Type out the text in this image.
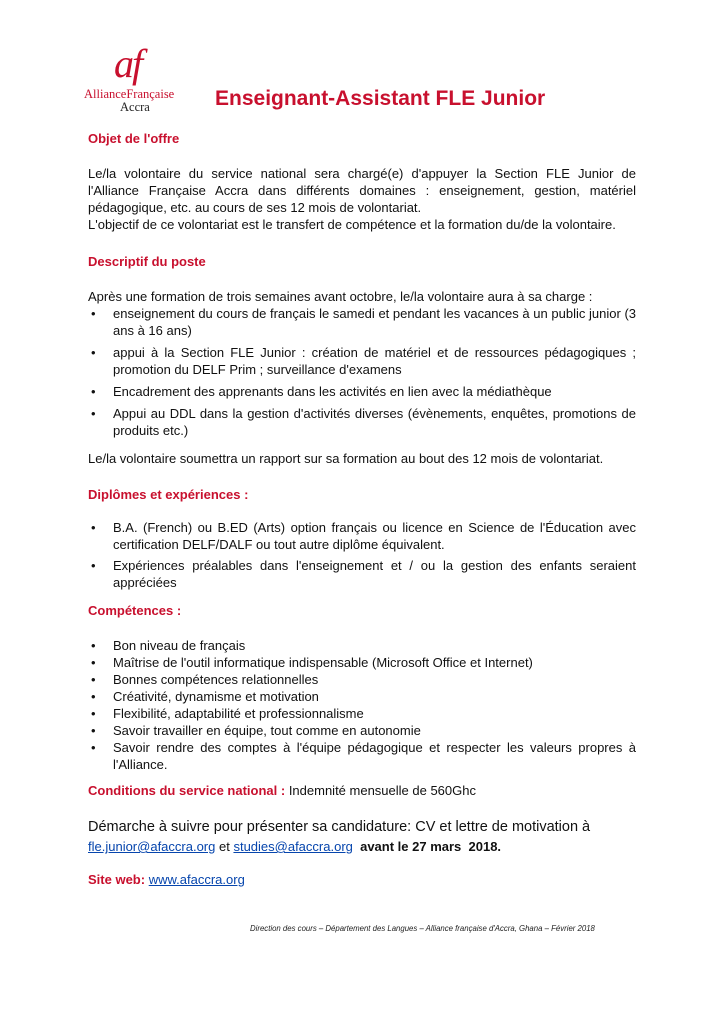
af
AllianceFrançaise
Accra	Enseignant-Assistant FLE Junior
Objet de l'offre
Le/la volontaire du service national sera chargé(e) d'appuyer la Section FLE Junior de l'Alliance Française Accra dans différents domaines : enseignement, gestion, matériel pédagogique, etc. au cours de ses 12 mois de volontariat.
L'objectif de ce volontariat est le transfert de compétence et la formation du/de la volontaire.
Descriptif du poste
Après une formation de trois semaines avant octobre, le/la volontaire aura à sa charge :
• enseignement du cours de français le samedi et pendant les vacances à un public junior (3 ans à 16 ans)
• appui à la Section FLE Junior : création de matériel et de ressources pédagogiques ; promotion du DELF Prim ; surveillance d'examens
• Encadrement des apprenants dans les activités en lien avec la médiathèque
• Appui au DDL dans la gestion d'activités diverses (évènements, enquêtes, promotions de produits etc.)
Le/la volontaire soumettra un rapport sur sa formation au bout des 12 mois de volontariat.
Diplômes et expériences :
• B.A. (French) ou B.ED (Arts) option français ou licence en Science de l'Éducation avec certification DELF/DALF ou tout autre diplôme équivalent.
• Expériences préalables dans l'enseignement et / ou la gestion des enfants seraient appréciées
Compétences :
• Bon niveau de français
• Maîtrise de l'outil informatique indispensable (Microsoft Office et Internet)
• Bonnes compétences relationnelles
• Créativité, dynamisme et motivation
• Flexibilité, adaptabilité et professionnalisme
• Savoir travailler en équipe, tout comme en autonomie
• Savoir rendre des comptes à l'équipe pédagogique et respecter les valeurs propres à l'Alliance.
Conditions du service national : Indemnité mensuelle de 560Ghc
Démarche à suivre pour présenter sa candidature: CV et lettre de motivation à
fle.junior@afaccra.org et studies@afaccra.org  avant le 27 mars  2018.
Site web: www.afaccra.org
Direction des cours – Département des Langues – Alliance française d'Accra, Ghana – Février 2018
